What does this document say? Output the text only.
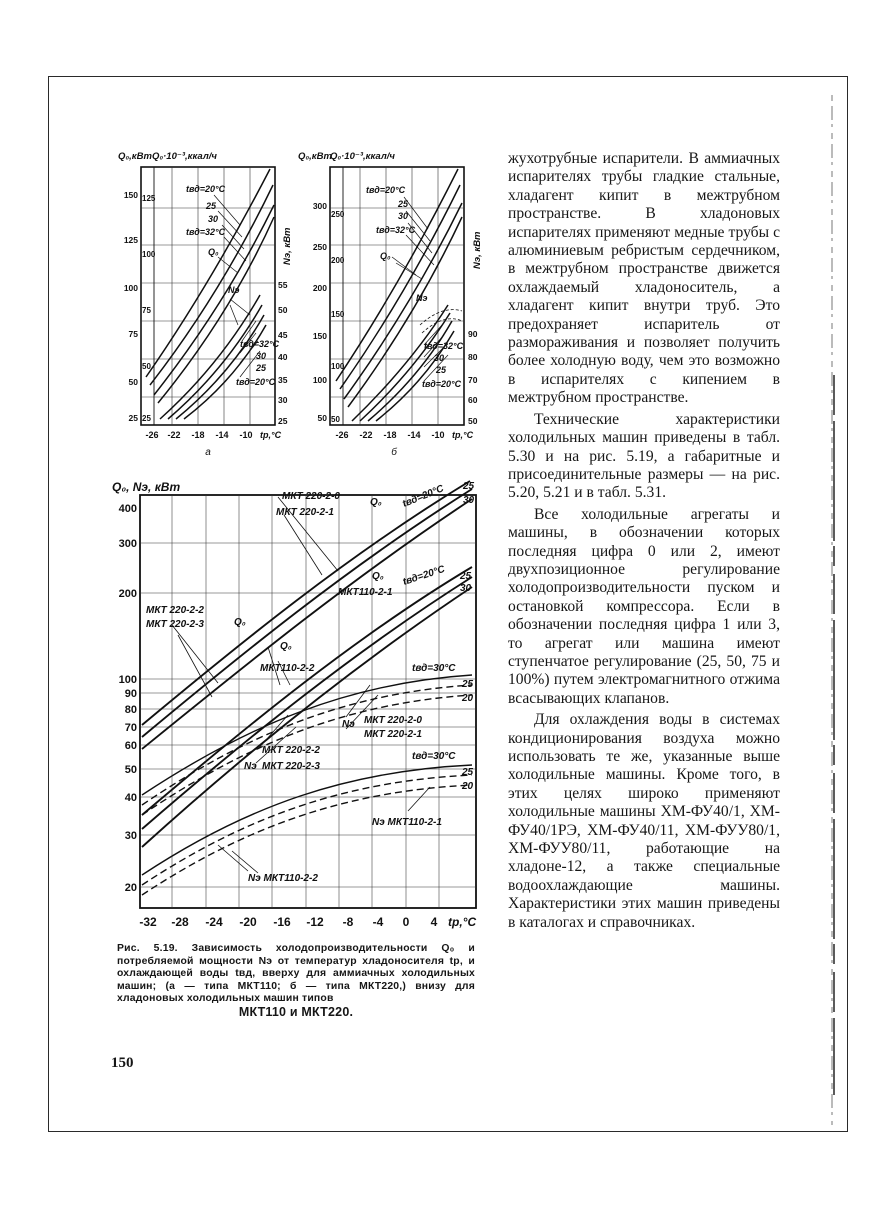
Q₀,кВт Q₀·10⁻³,ккал/ч
Nэ, кВт
tвд=20°C
25
30
tвд=32°C
Q₀
Nэ
tвд=32°C
30
25
tвд=20°C
150
125
100
75
50
25
125
100
75
50
25
55
50
45
40
35
30
25
-26 -22 -18 -14 -10 tр,°C
а
Q₀,кВт
Q₀·10⁻³,ккал/ч
Nэ, кВт
tвд=20°C
25
30
tвд=32°C
Q₀
Nэ
tвд=32°C
30
25
tвд=20°C
300
250
200
150
100
50
250
200
150
100
50
90
80
70
60
50
-26 -22 -18 -14 -10 tр,°C
б
Q₀, Nэ, кВт
МКТ 220-2-0
МКТ 220-2-1
Q₀ tвд=20°C 25
30
tвд=20°C
Q₀
МКТ110-2-1
25
30
МКТ 220-2-2
МКТ 220-2-3	Q₀
Q₀
МКТ110-2-2	tвд=30°C
25
20
Nэ МКТ 220-2-0
МКТ 220-2-1
МКТ 220-2-2
Nэ МКТ 220-2-3
tвд=30°C
25
20
Nэ МКТ110-2-1
Nэ МКТ110-2-2
400
300
200
100
90
80
70
60
50
40
30
20
-32 -28 -24 -20 -16 -12 -8 -4 0 4 tр,°C
Рис. 5.19. Зависимость холодопроизводительности Q₀ и потребляемой мощности Nэ от температур хладоносителя tр, и охлаждающей воды tвд, вверху для аммиачных холодильных машин; (а — типа МКТ110; б — типа МКТ220,) внизу для хладоновых холодильных машин типов
МКТ110 и МКТ220.
150

жухотрубные испарители. В аммиачных испарителях трубы гладкие стальные, хладагент кипит в межтрубном пространстве. В хладоновых испарителях применяют медные трубы с алюминиевым ребристым сердечником, в межтрубном пространстве движется охлаждаемый хладоноситель, а хладагент кипит внутри труб. Это предохраняет испаритель от размораживания и позволяет получить более холодную воду, чем это возможно в испарителях с кипением в межтрубном пространстве.

Технические характеристики холодильных машин приведены в табл. 5.30 и на рис. 5.19, а габаритные и присоединительные размеры — на рис. 5.20, 5.21 и в табл. 5.31.

Все холодильные агрегаты и машины, в обозначении которых последняя цифра 0 или 2, имеют двухпозиционное регулирование холодопроизводительности пуском и остановкой компрессора. Если в обозначении последняя цифра 1 или 3, то агрегат или машина имеют ступенчатое регулирование (25, 50, 75 и 100%) путем электромагнитного отжима всасывающих клапанов.

Для охлаждения воды в системах кондиционирования воздуха можно использовать те же, указанные выше холодильные машины. Кроме того, в этих целях широко применяют холодильные машины ХМ-ФУ40/1, ХМ-ФУ40/1РЭ, ХМ-ФУ40/11, ХМ-ФУУ80/1, ХМ-ФУУ80/11, работающие на хладоне-12, а также специальные водоохлаждающие машины. Характеристики этих машин приведены в каталогах и справочниках.
